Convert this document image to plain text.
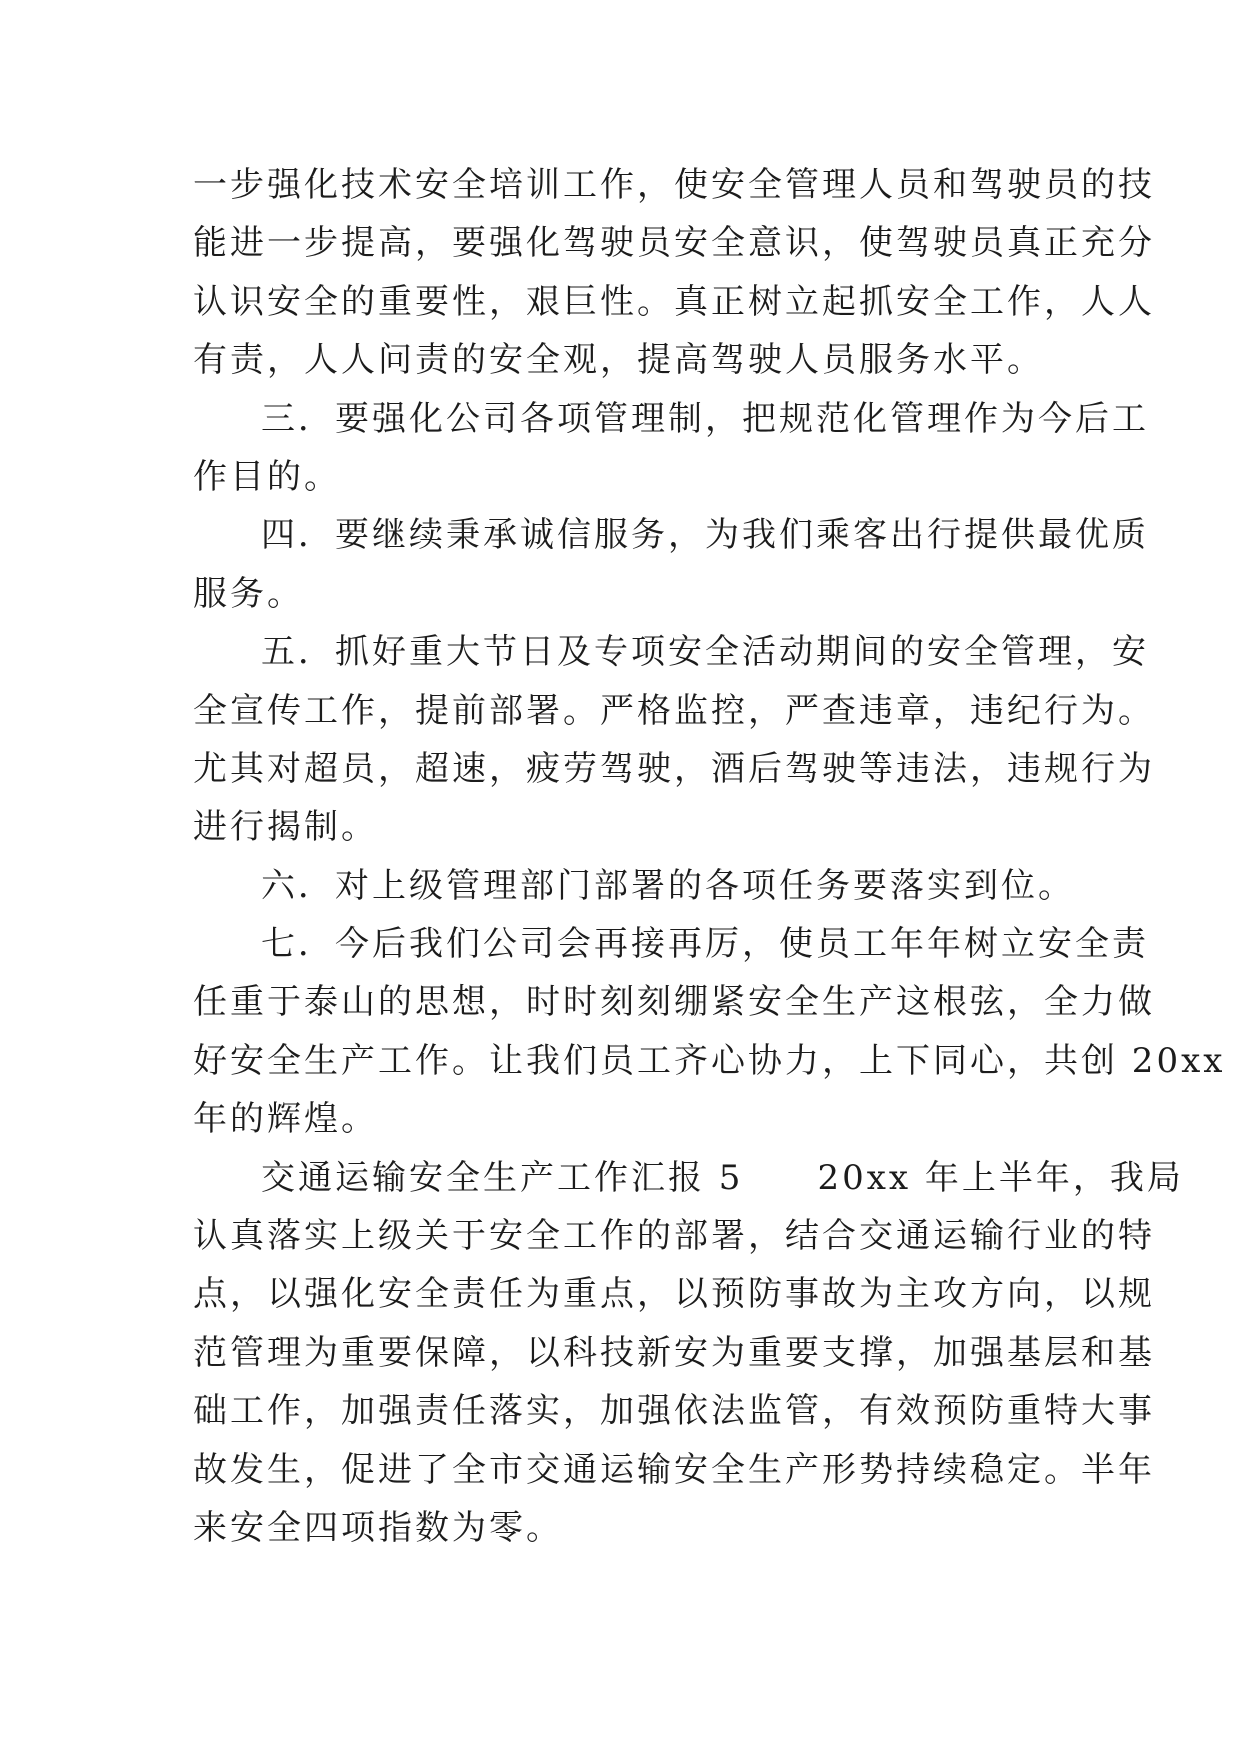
一步强化技术安全培训工作，使安全管理人员和驾驶员的技
能进一步提高，要强化驾驶员安全意识，使驾驶员真正充分
认识安全的重要性，艰巨性。真正树立起抓安全工作，人人
有责，人人问责的安全观，提高驾驶人员服务水平。
三．要强化公司各项管理制，把规范化管理作为今后工
作目的。
四．要继续秉承诚信服务，为我们乘客出行提供最优质
服务。
五．抓好重大节日及专项安全活动期间的安全管理，安
全宣传工作，提前部署。严格监控，严查违章，违纪行为。
尤其对超员，超速，疲劳驾驶，酒后驾驶等违法，违规行为
进行揭制。
六．对上级管理部门部署的各项任务要落实到位。
七．今后我们公司会再接再厉，使员工年年树立安全责
任重于泰山的思想，时时刻刻绷紧安全生产这根弦，全力做
好安全生产工作。让我们员工齐心协力，上下同心，共创 20xx
年的辉煌。
交通运输安全生产工作汇报 5　　20xx 年上半年，我局
认真落实上级关于安全工作的部署，结合交通运输行业的特
点，以强化安全责任为重点，以预防事故为主攻方向，以规
范管理为重要保障，以科技新安为重要支撑，加强基层和基
础工作，加强责任落实，加强依法监管，有效预防重特大事
故发生，促进了全市交通运输安全生产形势持续稳定。半年
来安全四项指数为零。
